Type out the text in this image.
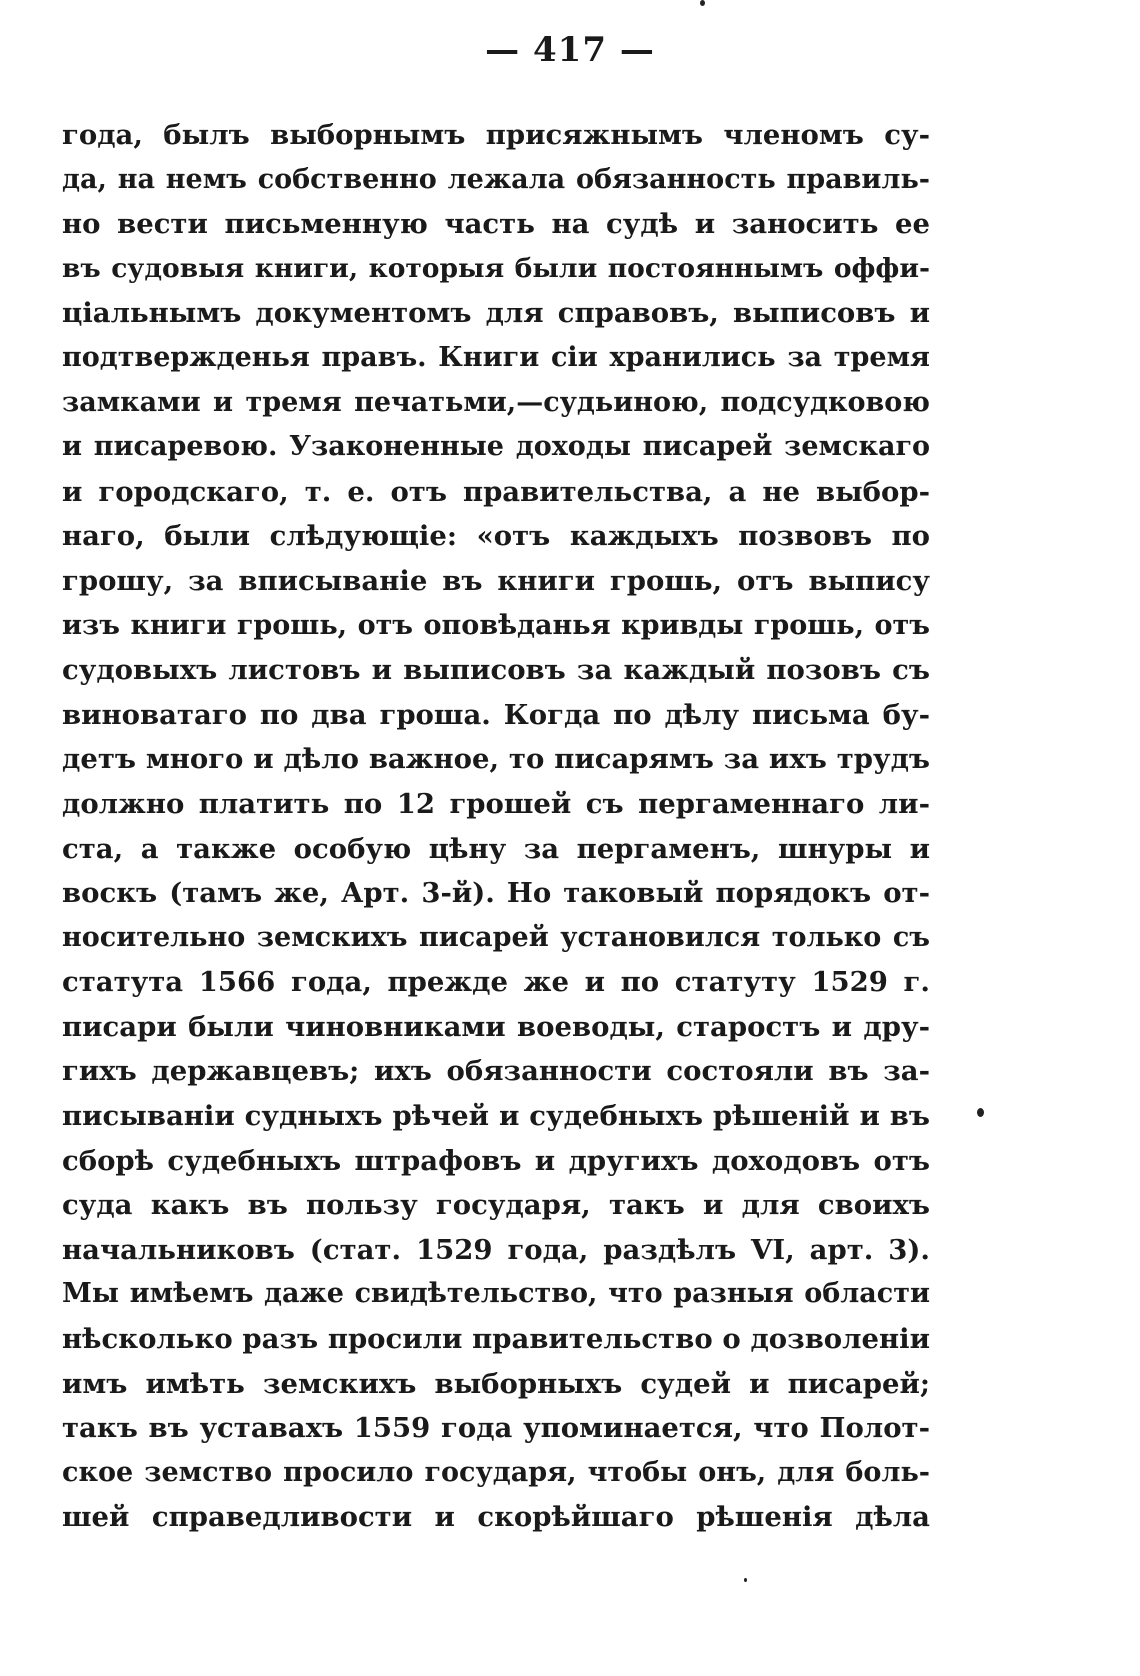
— 417 —
года, былъ выборнымъ присяжнымъ членомъ су-
да, на немъ собственно лежала обязанность правиль-
но вести письменную часть на судѣ и заносить ее
въ судовыя книги, которыя были постояннымъ оффи-
ціальнымъ документомъ для справовъ, выписовъ и
подтвержденья правъ. Книги сіи хранились за тремя
замками и тремя печатьми,—судьиною, подсудковою
и писаревою. Узаконенные доходы писарей земскаго
и городскаго, т. е. отъ правительства, а не выбор-
наго, были слѣдующіе: «отъ каждыхъ позвовъ по
грошу, за вписываніе въ книги грошь, отъ выпису
изъ книги грошь, отъ оповѣданья кривды грошь, отъ
судовыхъ листовъ и выписовъ за каждый позовъ съ
виноватаго по два гроша. Когда по дѣлу письма бу-
детъ много и дѣло важное, то писарямъ за ихъ трудъ
должно платить по 12 грошей съ пергаменнаго ли-
ста, а также особую цѣну за пергаменъ, шнуры и
воскъ (тамъ же, Арт. 3-й). Но таковый порядокъ от-
носительно земскихъ писарей установился только съ
статута 1566 года, прежде же и по статуту 1529 г.
писари были чиновниками воеводы, старостъ и дру-
гихъ державцевъ; ихъ обязанности состояли въ за-
писываніи судныхъ рѣчей и судебныхъ рѣшеній и въ
сборѣ судебныхъ штрафовъ и другихъ доходовъ отъ
суда какъ въ пользу государя, такъ и для своихъ
начальниковъ (стат. 1529 года, раздѣлъ VI, арт. 3).
Мы имѣемъ даже свидѣтельство, что разныя области
нѣсколько разъ просили правительство о дозволеніи
имъ имѣть земскихъ выборныхъ судей и писарей;
такъ въ уставахъ 1559 года упоминается, что Полот-
ское земство просило государя, чтобы онъ, для боль-
шей справедливости и скорѣйшаго рѣшенія дѣла
